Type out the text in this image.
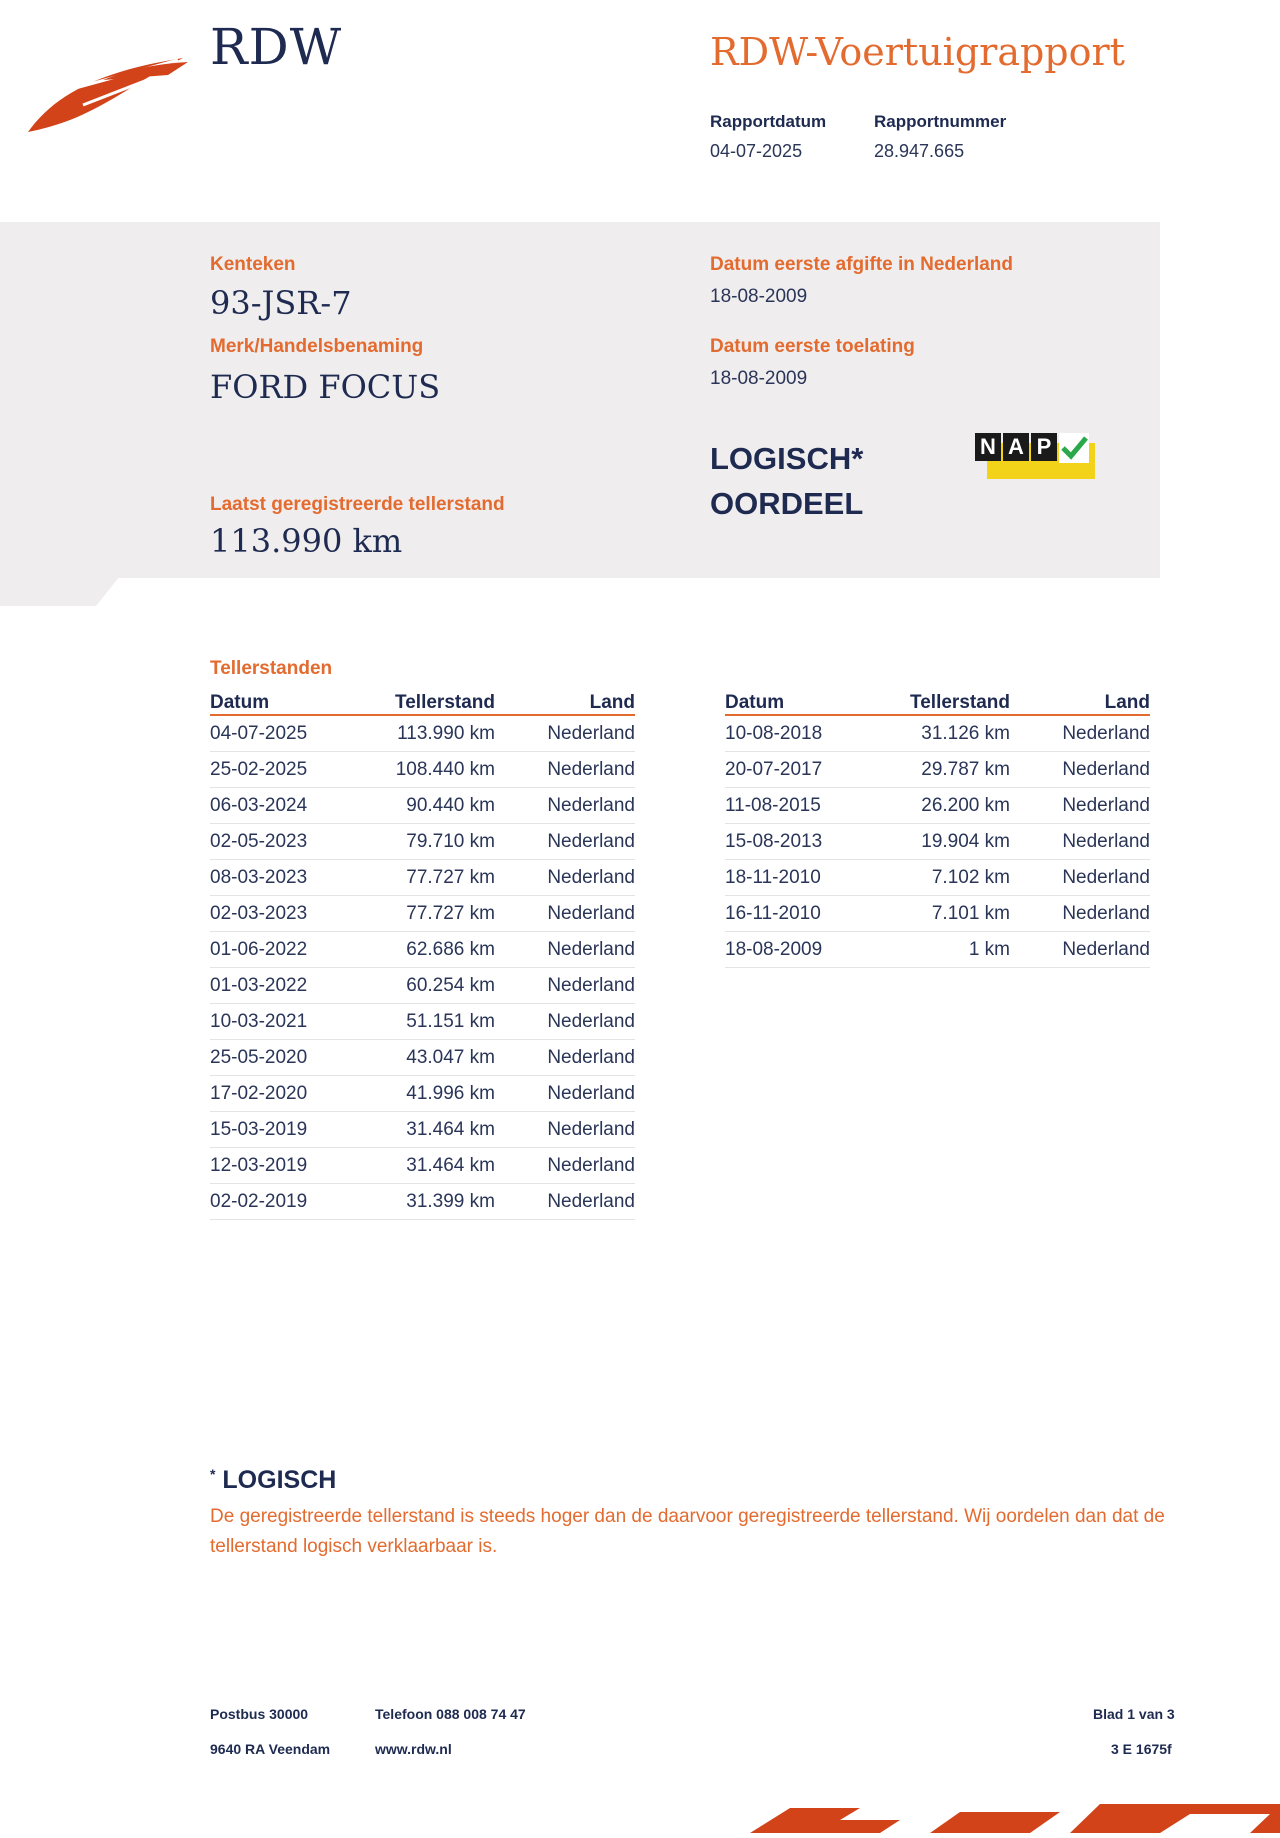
RDW	RDW-Voertuigrapport
Rapportdatum
04-07-2025
Rapportnummer
28.947.665
Kenteken
93-JSR-7
Merk/Handelsbenaming
FORD FOCUS
Datum eerste afgifte in Nederland
18-08-2009
Datum eerste toelating
18-08-2009
LOGISCH*
OORDEEL
N A P
Laatst geregistreerde tellerstand
113.990 km
Tellerstanden
Datum	Tellerstand	Land
04-07-2025	113.990 km	Nederland
25-02-2025	108.440 km	Nederland
06-03-2024	90.440 km	Nederland
02-05-2023	79.710 km	Nederland
08-03-2023	77.727 km	Nederland
02-03-2023	77.727 km	Nederland
01-06-2022	62.686 km	Nederland
01-03-2022	60.254 km	Nederland
10-03-2021	51.151 km	Nederland
25-05-2020	43.047 km	Nederland
17-02-2020	41.996 km	Nederland
15-03-2019	31.464 km	Nederland
12-03-2019	31.464 km	Nederland
02-02-2019	31.399 km	Nederland
Datum	Tellerstand	Land
10-08-2018	31.126 km	Nederland
20-07-2017	29.787 km	Nederland
11-08-2015	26.200 km	Nederland
15-08-2013	19.904 km	Nederland
18-11-2010	7.102 km	Nederland
16-11-2010	7.101 km	Nederland
18-08-2009	1 km	Nederland
* LOGISCH
De geregistreerde tellerstand is steeds hoger dan de daarvoor geregistreerde tellerstand. Wij oordelen dan dat de tellerstand logisch verklaarbaar is.
Postbus 30000
9640 RA Veendam
Telefoon 088 008 74 47
www.rdw.nl
Blad 1 van 3
3 E 1675f
